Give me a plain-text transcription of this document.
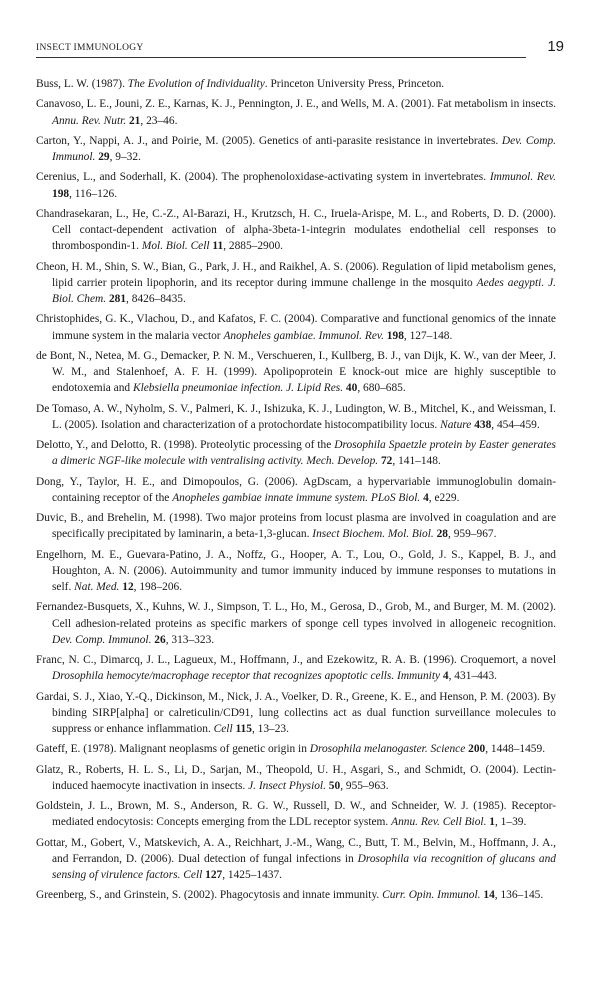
INSECT IMMUNOLOGY	19

Buss, L. W. (1987). The Evolution of Individuality. Princeton University Press, Princeton.

Canavoso, L. E., Jouni, Z. E., Karnas, K. J., Pennington, J. E., and Wells, M. A. (2001). Fat metabolism in insects. Annu. Rev. Nutr. 21, 23–46.

Carton, Y., Nappi, A. J., and Poirie, M. (2005). Genetics of anti-parasite resistance in invertebrates. Dev. Comp. Immunol. 29, 9–32.

Cerenius, L., and Soderhall, K. (2004). The prophenoloxidase-activating system in invertebrates. Immunol. Rev. 198, 116–126.

Chandrasekaran, L., He, C.-Z., Al-Barazi, H., Krutzsch, H. C., Iruela-Arispe, M. L., and Roberts, D. D. (2000). Cell contact-dependent activation of alpha-3beta-1-integrin modulates endothelial cell responses to thrombospondin-1. Mol. Biol. Cell 11, 2885–2900.

Cheon, H. M., Shin, S. W., Bian, G., Park, J. H., and Raikhel, A. S. (2006). Regulation of lipid metabolism genes, lipid carrier protein lipophorin, and its receptor during immune challenge in the mosquito Aedes aegypti. J. Biol. Chem. 281, 8426–8435.

Christophides, G. K., Vlachou, D., and Kafatos, F. C. (2004). Comparative and functional genomics of the innate immune system in the malaria vector Anopheles gambiae. Immunol. Rev. 198, 127–148.

de Bont, N., Netea, M. G., Demacker, P. N. M., Verschueren, I., Kullberg, B. J., van Dijk, K. W., van der Meer, J. W. M., and Stalenhoef, A. F. H. (1999). Apolipoprotein E knock-out mice are highly susceptible to endotoxemia and Klebsiella pneumoniae infection. J. Lipid Res. 40, 680–685.

De Tomaso, A. W., Nyholm, S. V., Palmeri, K. J., Ishizuka, K. J., Ludington, W. B., Mitchel, K., and Weissman, I. L. (2005). Isolation and characterization of a protochordate histocompatibility locus. Nature 438, 454–459.

Delotto, Y., and Delotto, R. (1998). Proteolytic processing of the Drosophila Spaetzle protein by Easter generates a dimeric NGF-like molecule with ventralising activity. Mech. Develop. 72, 141–148.

Dong, Y., Taylor, H. E., and Dimopoulos, G. (2006). AgDscam, a hypervariable immunoglobulin domain-containing receptor of the Anopheles gambiae innate immune system. PLoS Biol. 4, e229.

Duvic, B., and Brehelin, M. (1998). Two major proteins from locust plasma are involved in coagulation and are specifically precipitated by laminarin, a beta-1,3-glucan. Insect Biochem. Mol. Biol. 28, 959–967.

Engelhorn, M. E., Guevara-Patino, J. A., Noffz, G., Hooper, A. T., Lou, O., Gold, J. S., Kappel, B. J., and Houghton, A. N. (2006). Autoimmunity and tumor immunity induced by immune responses to mutations in self. Nat. Med. 12, 198–206.

Fernandez-Busquets, X., Kuhns, W. J., Simpson, T. L., Ho, M., Gerosa, D., Grob, M., and Burger, M. M. (2002). Cell adhesion-related proteins as specific markers of sponge cell types involved in allogeneic recognition. Dev. Comp. Immunol. 26, 313–323.

Franc, N. C., Dimarcq, J. L., Lagueux, M., Hoffmann, J., and Ezekowitz, R. A. B. (1996). Croquemort, a novel Drosophila hemocyte/macrophage receptor that recognizes apoptotic cells. Immunity 4, 431–443.

Gardai, S. J., Xiao, Y.-Q., Dickinson, M., Nick, J. A., Voelker, D. R., Greene, K. E., and Henson, P. M. (2003). By binding SIRP[alpha] or calreticulin/CD91, lung collectins act as dual function surveillance molecules to suppress or enhance inflammation. Cell 115, 13–23.

Gateff, E. (1978). Malignant neoplasms of genetic origin in Drosophila melanogaster. Science 200, 1448–1459.

Glatz, R., Roberts, H. L. S., Li, D., Sarjan, M., Theopold, U. H., Asgari, S., and Schmidt, O. (2004). Lectin-induced haemocyte inactivation in insects. J. Insect Physiol. 50, 955–963.

Goldstein, J. L., Brown, M. S., Anderson, R. G. W., Russell, D. W., and Schneider, W. J. (1985). Receptor-mediated endocytosis: Concepts emerging from the LDL receptor system. Annu. Rev. Cell Biol. 1, 1–39.

Gottar, M., Gobert, V., Matskevich, A. A., Reichhart, J.-M., Wang, C., Butt, T. M., Belvin, M., Hoffmann, J. A., and Ferrandon, D. (2006). Dual detection of fungal infections in Drosophila via recognition of glucans and sensing of virulence factors. Cell 127, 1425–1437.

Greenberg, S., and Grinstein, S. (2002). Phagocytosis and innate immunity. Curr. Opin. Immunol. 14, 136–145.
